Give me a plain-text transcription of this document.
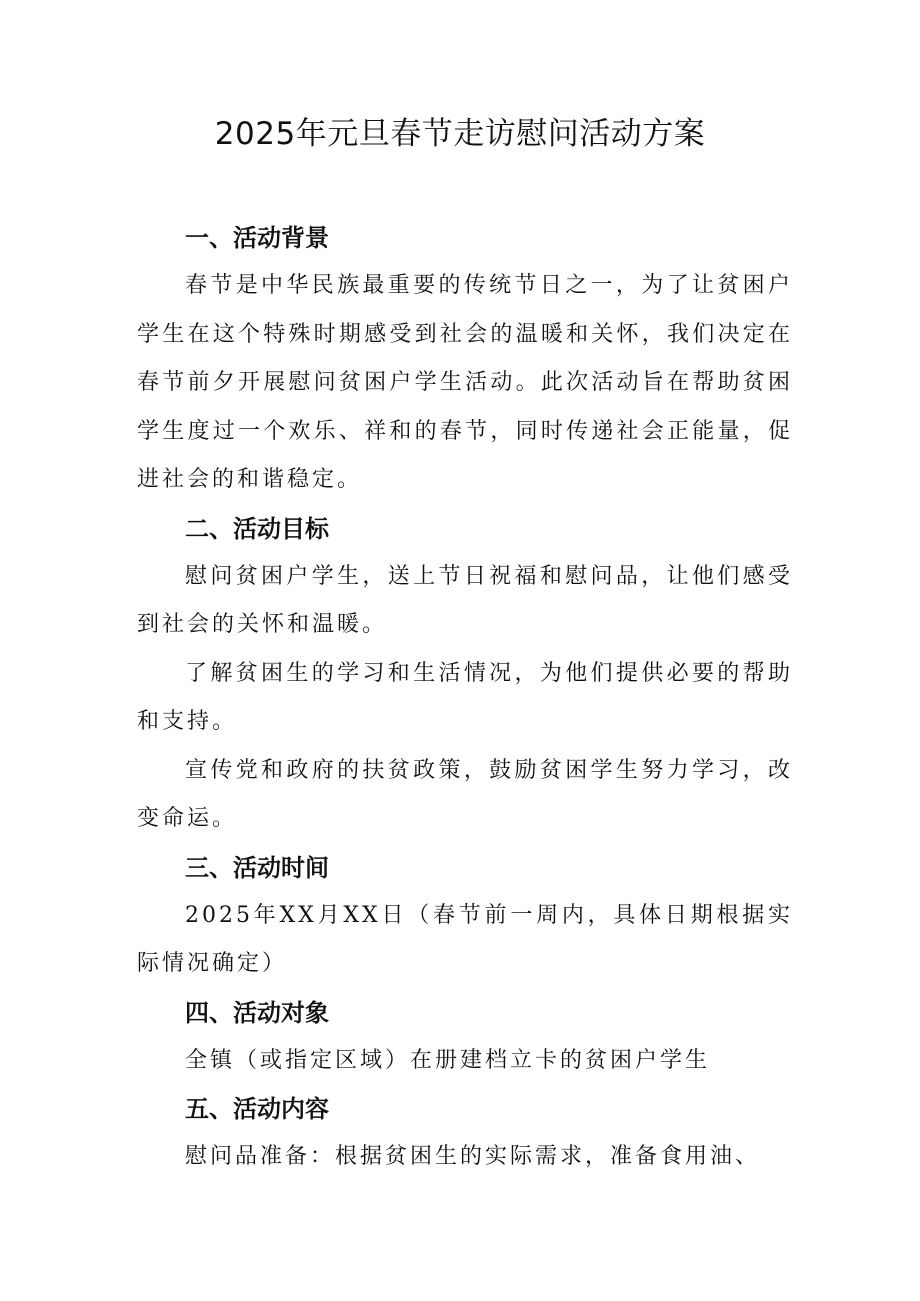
2025年元旦春节走访慰问活动方案

一、活动背景

春节是中华民族最重要的传统节日之一，为了让贫困户学生在这个特殊时期感受到社会的温暖和关怀，我们决定在春节前夕开展慰问贫困户学生活动。此次活动旨在帮助贫困学生度过一个欢乐、祥和的春节，同时传递社会正能量，促进社会的和谐稳定。

二、活动目标

慰问贫困户学生，送上节日祝福和慰问品，让他们感受到社会的关怀和温暖。

了解贫困生的学习和生活情况，为他们提供必要的帮助和支持。

宣传党和政府的扶贫政策，鼓励贫困学生努力学习，改变命运。

三、活动时间

2025年XX月XX日（春节前一周内，具体日期根据实际情况确定）

四、活动对象

全镇（或指定区域）在册建档立卡的贫困户学生

五、活动内容

慰问品准备：根据贫困生的实际需求，准备食用油、
